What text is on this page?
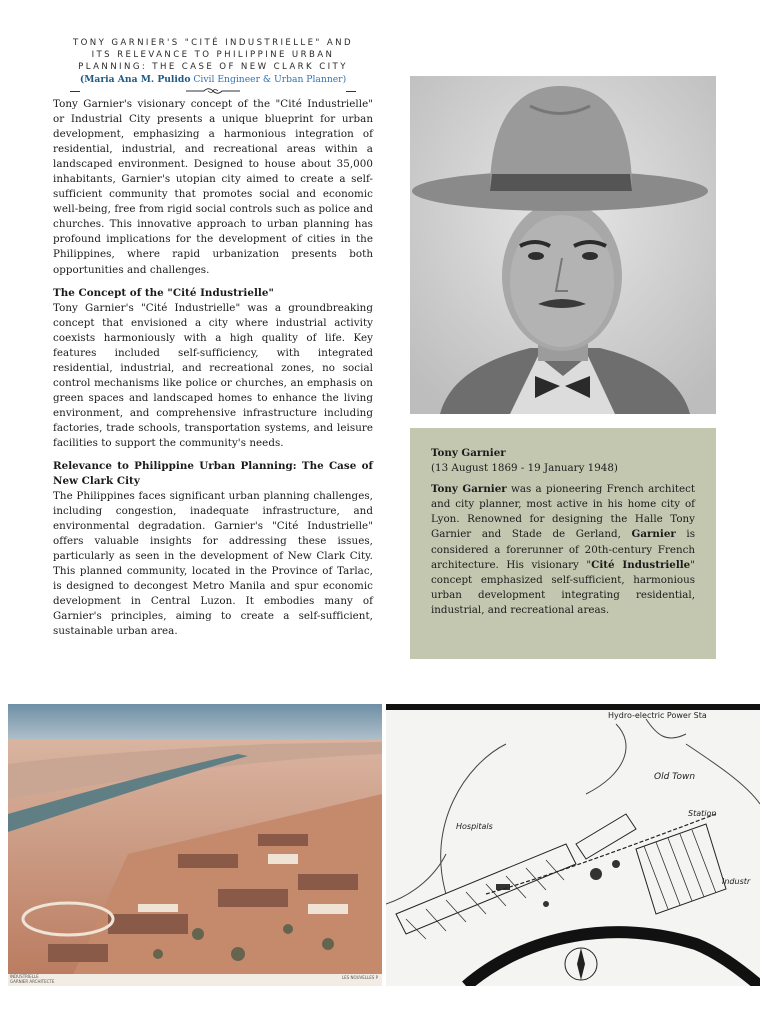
TONY GARNIER'S "CITÉ INDUSTRIELLE" AND
ITS RELEVANCE TO PHILIPPINE URBAN
PLANNING: THE CASE OF NEW CLARK CITY
(Maria Ana M. Pulido Civil Engineer & Urban Planner)

Tony Garnier's visionary concept of the "Cité Industrielle" or Industrial City presents a unique blueprint for urban development, emphasizing a harmonious integration of residential, industrial, and recreational areas within a landscaped environment. Designed to house about 35,000 inhabitants, Garnier's utopian city aimed to create a self-sufficient community that promotes social and economic well-being, free from rigid social controls such as police and churches. This innovative approach to urban planning has profound implications for the development of cities in the Philippines, where rapid urbanization presents both opportunities and challenges.

The Concept of the "Cité Industrielle"

Tony Garnier's "Cité Industrielle" was a groundbreaking concept that envisioned a city where industrial activity coexists harmoniously with a high quality of life. Key features included self-sufficiency, with integrated residential, industrial, and recreational zones, no social control mechanisms like police or churches, an emphasis on green spaces and landscaped homes to enhance the living environment, and comprehensive infrastructure including factories, trade schools, transportation systems, and leisure facilities to support the community's needs.

Relevance to Philippine Urban Planning: The Case of New Clark City

The Philippines faces significant urban planning challenges, including congestion, inadequate infrastructure, and environmental degradation. Garnier's "Cité Industrielle" offers valuable insights for addressing these issues, particularly as seen in the development of New Clark City. This planned community, located in the Province of Tarlac, is designed to decongest Metro Manila and spur economic development in Central Luzon. It embodies many of Garnier's principles, aiming to create a self-sufficient, sustainable urban area.

Tony Garnier
(13 August 1869 - 19 January 1948)
Tony Garnier was a pioneering French architect and city planner, most active in his home city of Lyon. Renowned for designing the Halle Tony Garnier and Stade de Gerland, Garnier is considered a forerunner of 20th-century French architecture. His visionary "Cité Industrielle" concept emphasized self-sufficient, harmonious urban development integrating residential, industrial, and recreational areas.
INDUSTRIELLE
GARNIER ARCHITECTE
LES NOUVELLES P
Hydro-electric Power Sta
Old Town
Station
Hospitals
Industr
